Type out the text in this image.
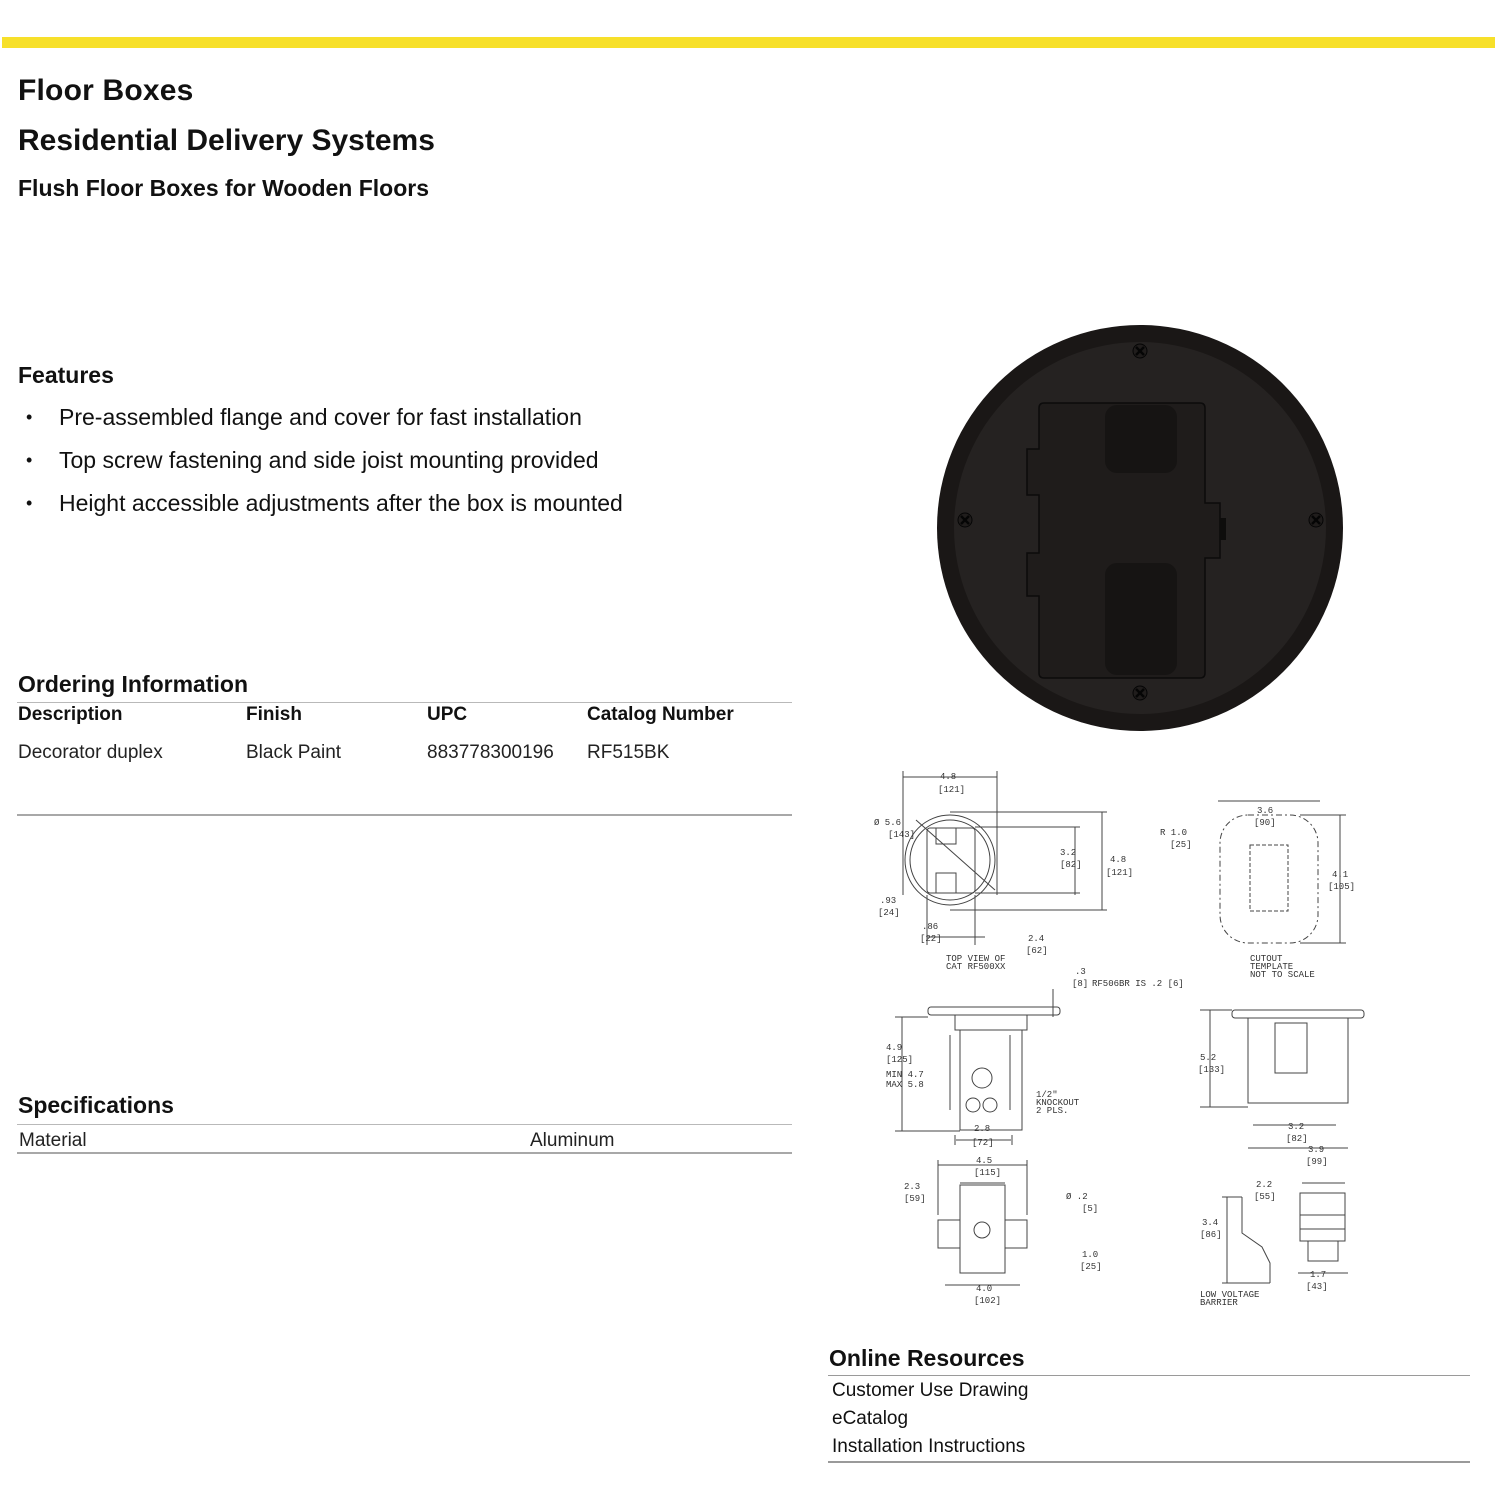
Floor Boxes
Residential Delivery Systems
Flush Floor Boxes for Wooden Floors
Features
•	Pre-assembled flange and cover for fast installation
•	Top screw fastening and side joist mounting provided
•	Height accessible adjustments after the box is mounted
Ordering Information
Description	Finish	UPC	Catalog Number
Decorator duplex	Black Paint	883778300196 RF515BK
Specifications
Material	Aluminum
4.8
[121]
Ø 5.6
[143]
3.2
[82]	4.8
[121]
.93
[24]
.86
[22]	2.4
[62]
TOP VIEW OF
CAT RF500XX
R 1.0
[25]
3.6
[90]
4.1
[105]
CUTOUT
TEMPLATE
NOT TO SCALE
.3
[8] RF506BR IS .2 [6]
4.9
[125]
MIN 4.7
MAX 5.8
1/2"
KNOCKOUT
2 PLS.
2.8
[72]
5.2
[133]
3.2
[82]
3.9
[99]
4.5
[115]
2.3
[59]	Ø .2
[5]
1.0
[25]
4.0
[102]
3.4
[86]
2.2
[55]
1.7
[43]
LOW VOLTAGE
BARRIER
Online Resources
Customer Use Drawing
eCatalog
Installation Instructions
